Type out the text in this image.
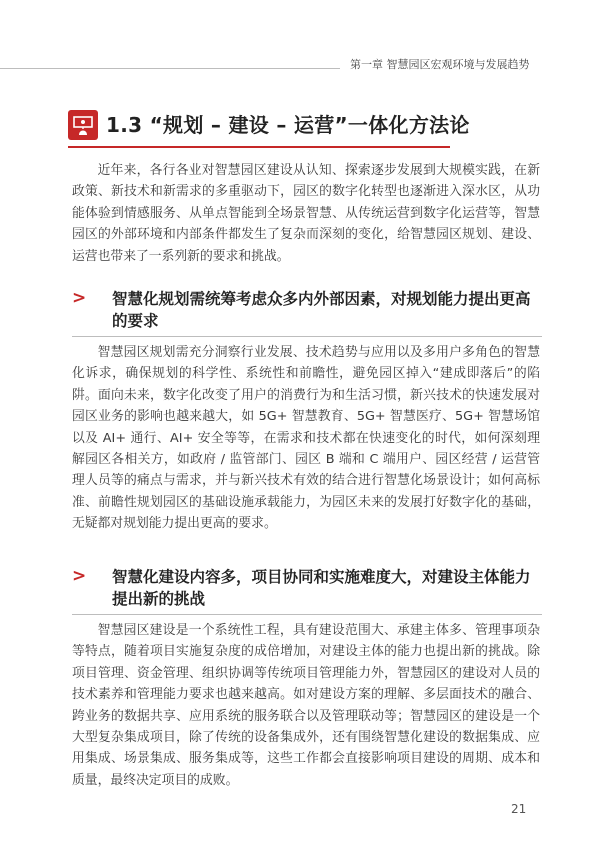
第一章 智慧园区宏观环境与发展趋势
1.3 “规划 – 建设 – 运营”一体化方法论
近年来，各行各业对智慧园区建设从认知、探索逐步发展到大规模实践，在新政策、新技术和新需求的多重驱动下，园区的数字化转型也逐渐进入深水区，从功能体验到情感服务、从单点智能到全场景智慧、从传统运营到数字化运营等，智慧园区的外部环境和内部条件都发生了复杂而深刻的变化，给智慧园区规划、建设、运营也带来了一系列新的要求和挑战。
> 智慧化规划需统筹考虑众多内外部因素，对规划能力提出更高的要求
智慧园区规划需充分洞察行业发展、技术趋势与应用以及多用户多角色的智慧化诉求，确保规划的科学性、系统性和前瞻性，避免园区掉入“建成即落后”的陷阱。面向未来，数字化改变了用户的消费行为和生活习惯，新兴技术的快速发展对园区业务的影响也越来越大，如 5G+ 智慧教育、5G+ 智慧医疗、5G+ 智慧场馆以及 AI+ 通行、AI+ 安全等等，在需求和技术都在快速变化的时代，如何深刻理解园区各相关方，如政府 / 监管部门、园区 B 端和 C 端用户、园区经营 / 运营管理人员等的痛点与需求，并与新兴技术有效的结合进行智慧化场景设计；如何高标准、前瞻性规划园区的基础设施承载能力，为园区未来的发展打好数字化的基础，无疑都对规划能力提出更高的要求。
> 智慧化建设内容多，项目协同和实施难度大，对建设主体能力提出新的挑战
智慧园区建设是一个系统性工程，具有建设范围大、承建主体多、管理事项杂等特点，随着项目实施复杂度的成倍增加，对建设主体的能力也提出新的挑战。除项目管理、资金管理、组织协调等传统项目管理能力外，智慧园区的建设对人员的技术素养和管理能力要求也越来越高。如对建设方案的理解、多层面技术的融合、跨业务的数据共享、应用系统的服务联合以及管理联动等；智慧园区的建设是一个大型复杂集成项目，除了传统的设备集成外，还有围绕智慧化建设的数据集成、应用集成、场景集成、服务集成等，这些工作都会直接影响项目建设的周期、成本和质量，最终决定项目的成败。
21
